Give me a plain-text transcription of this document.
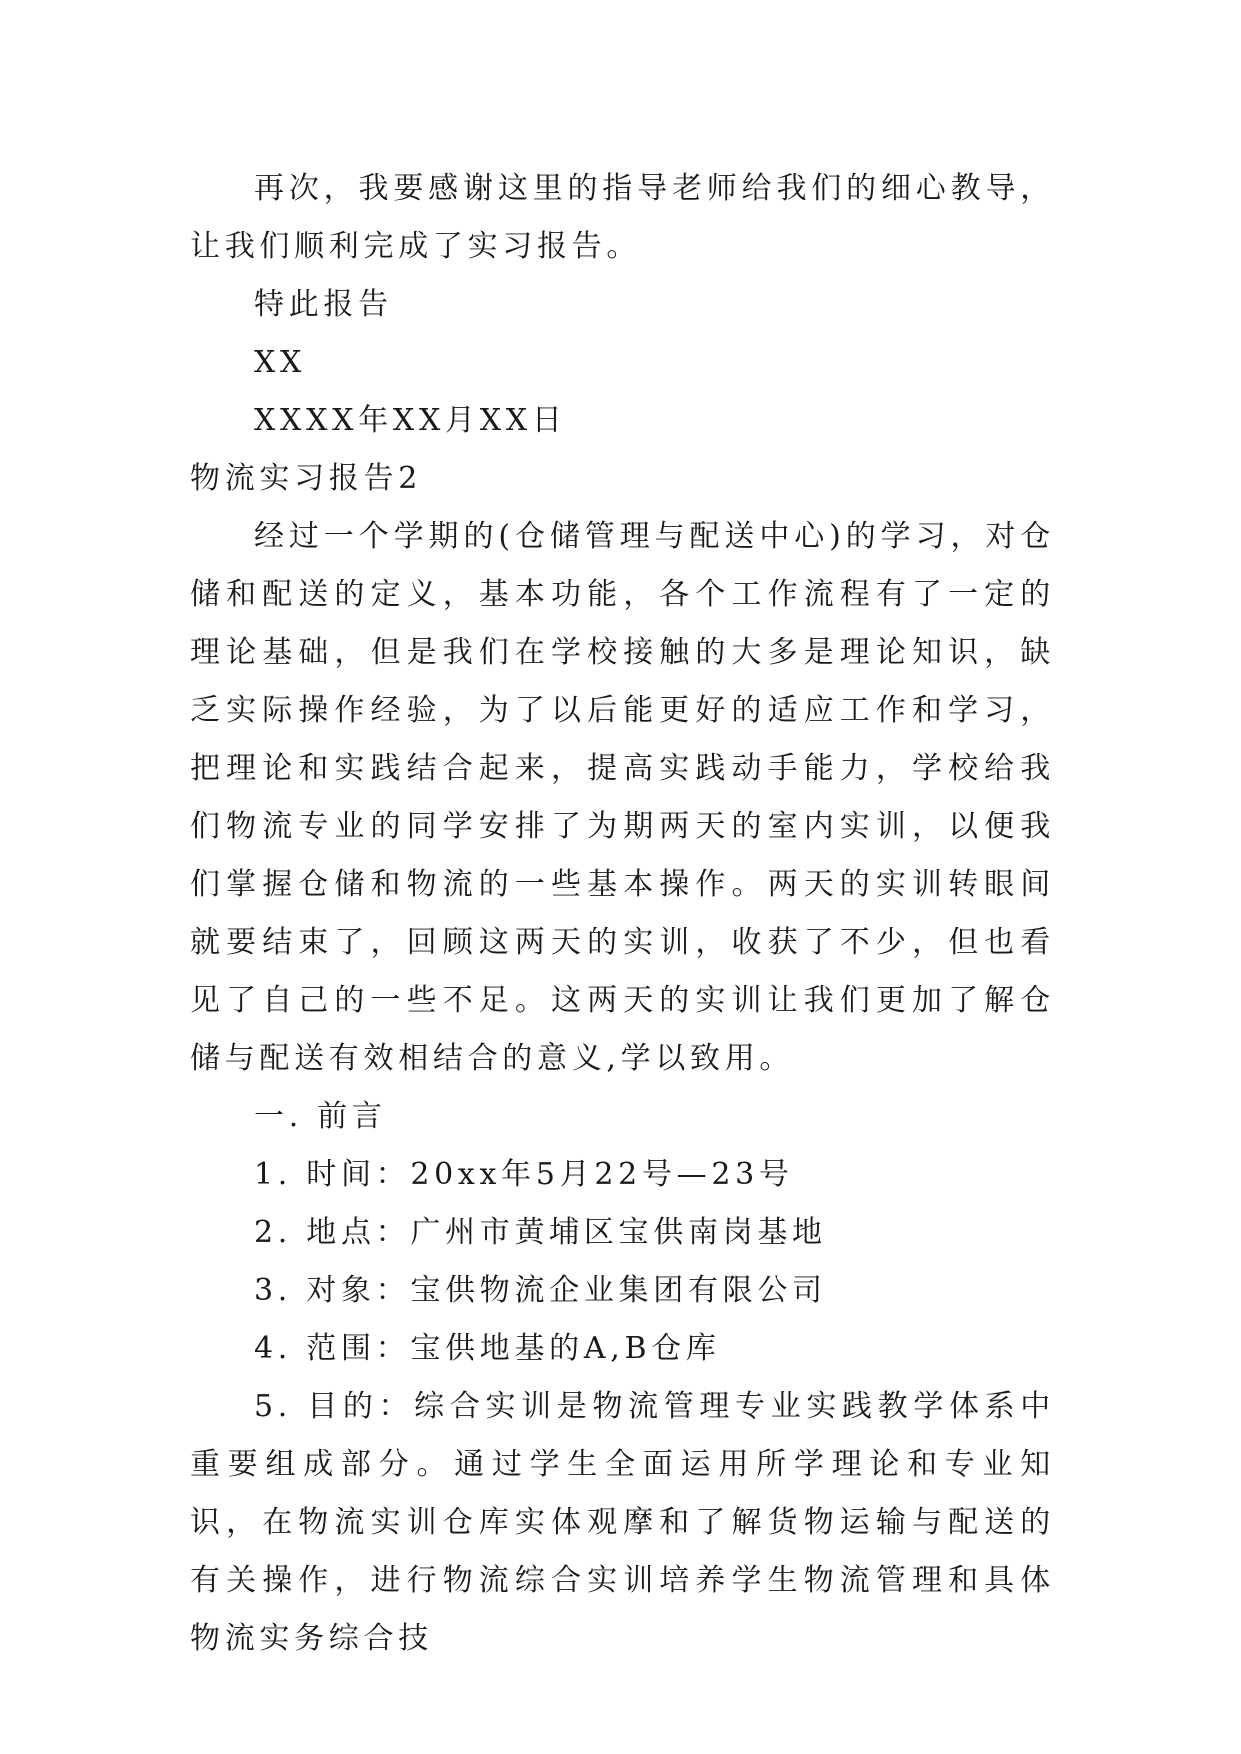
再次，我要感谢这里的指导老师给我们的细心教导，让我们顺利完成了实习报告。

特此报告

XX

XXXX年XX月XX日

物流实习报告2

经过一个学期的(仓储管理与配送中心)的学习，对仓储和配送的定义，基本功能，各个工作流程有了一定的理论基础，但是我们在学校接触的大多是理论知识，缺乏实际操作经验，为了以后能更好的适应工作和学习，把理论和实践结合起来，提高实践动手能力，学校给我们物流专业的同学安排了为期两天的室内实训，以便我们掌握仓储和物流的一些基本操作。两天的实训转眼间就要结束了，回顾这两天的实训，收获了不少，但也看见了自己的一些不足。这两天的实训让我们更加了解仓储与配送有效相结合的意义,学以致用。

一. 前言

1. 时间：20xx年5月22号—23号

2. 地点：广州市黄埔区宝供南岗基地

3. 对象：宝供物流企业集团有限公司

4. 范围：宝供地基的A,B仓库

5. 目的：综合实训是物流管理专业实践教学体系中重要组成部分。通过学生全面运用所学理论和专业知识，在物流实训仓库实体观摩和了解货物运输与配送的有关操作，进行物流综合实训培养学生物流管理和具体物流实务综合技
